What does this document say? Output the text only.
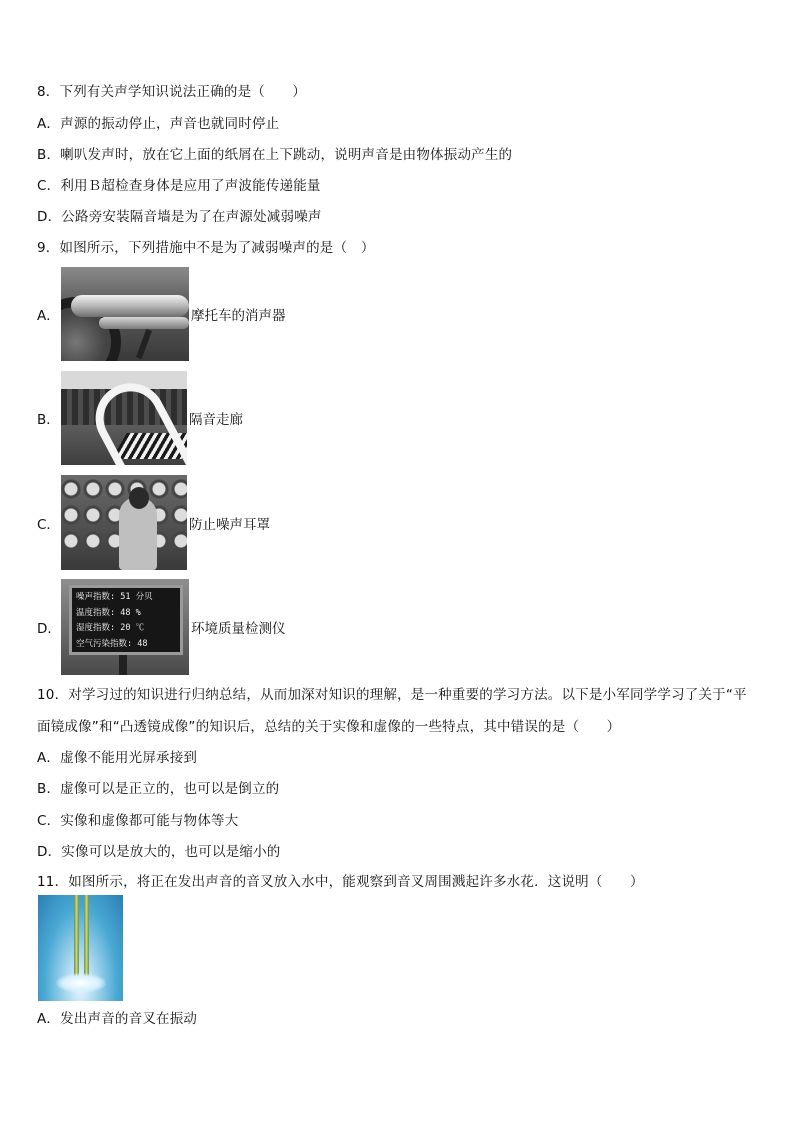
8．下列有关声学知识说法正确的是（　　）
A．声源的振动停止，声音也就同时停止
B．喇叭发声时，放在它上面的纸屑在上下跳动，说明声音是由物体振动产生的
C．利用Ｂ超检查身体是应用了声波能传递能量
D．公路旁安装隔音墙是为了在声源处减弱噪声
9．如图所示，下列措施中不是为了减弱噪声的是（　）
A．	摩托车的消声器
B．	隔音走廊
C．	防止噪声耳罩
D．
噪声指数: 51 分贝
温度指数: 48 %
湿度指数: 20 ℃
空气污染指数: 48
环境质量检测仪
10．对学习过的知识进行归纳总结，从而加深对知识的理解，是一种重要的学习方法。以下是小军同学学习了关于“平
面镜成像”和“凸透镜成像”的知识后，总结的关于实像和虚像的一些特点，其中错误的是（　　）
A．虚像不能用光屏承接到
B．虚像可以是正立的，也可以是倒立的
C．实像和虚像都可能与物体等大
D．实像可以是放大的，也可以是缩小的
11．如图所示，将正在发出声音的音叉放入水中，能观察到音叉周围溅起许多水花．这说明（　　）
A．发出声音的音叉在振动
